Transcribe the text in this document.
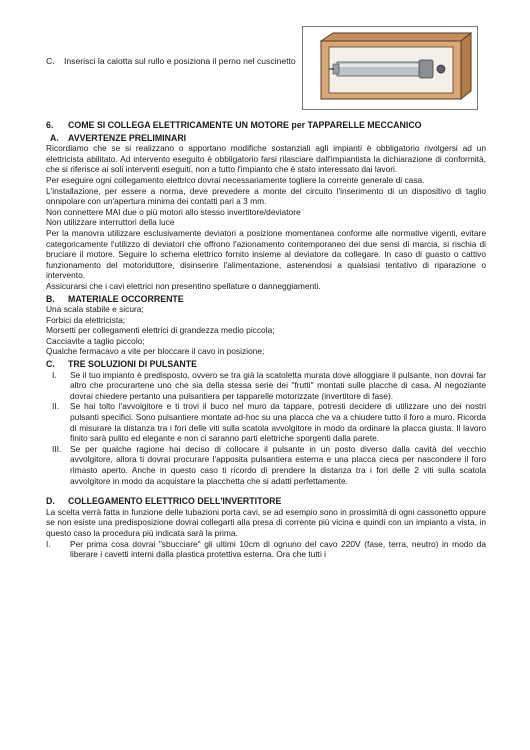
C.	Inserisci la calotta sul rullo e posiziona il perno nel cuscinetto
6.	COME SI COLLEGA ELETTRICAMENTE UN MOTORE per TAPPARELLE MECCANICO
A. AVVERTENZE PRELIMINARI

Ricordiamo che se si realizzano o apportano modifiche sostanziali agli impianti è obbligatorio rivolgersi ad un elettricista abilitato. Ad intervento eseguito è obbligatorio farsi rilasciare dall'impiantista la dichiarazione di conformità, che si riferisce ai soli interventi eseguiti, non a tutto l'impianto che è stato interessato dai lavori.

Per eseguire ogni collegamento elettrico dovrai necessariamente togliere la corrente generale di casa.

L'installazione, per essere a norma, deve prevedere a monte del circuito l'inserimento di un dispositivo di taglio onnipolare con un'apertura minima dei contatti pari a 3 mm.

Non connettere MAI due o più motori allo stesso invertitore/deviatore

Non utilizzare interruttori della luce

Per la manovra utilizzare esclusivamente deviatori a posizione momentanea conforme alle normative vigenti, evitare categoricamente l'utilizzo di deviatori che offrono l'azionamento contemporaneo dei due sensi di marcia, si rischia di bruciare il motore. Seguire lo schema elettrico fornito insieme al deviatore da collegare. In caso di guasto o cattivo funzionamento del motoriduttore, disinserire l'alimentazione, astenendosi a qualsiasi tentativo di riparazione o intervento.

Assicurarsi che i cavi elettrici non presentino spellature o danneggiamenti.

B. MATERIALE OCCORRENTE

Una scala stabile e sicura;

Forbici da elettricista;

Morsetti per collegamenti elettrici di grandezza medio piccola;

Cacciavite a taglio piccolo;

Qualche fermacavo a vite per bloccare il cavo in posizione;

C. TRE SOLUZIONI DI PULSANTE
I.	Se il tuo impianto è predisposto, ovvero se tra già la scatoletta murata dove alloggiare il pulsante, non dovrai far altro che procurartene uno che sia della stessa serie dei "frutti" montati sulle placche di casa. Al negoziante dovrai chiedere pertanto una pulsantiera per tapparelle motorizzate (invertitore di fase).
II.	Se hai tolto l'avvolgitore e ti trovi il buco nel muro da tappare, potresti decidere di utilizzare uno dei nostri pulsanti specifici. Sono pulsantiere montate ad-hoc su una placca che va a chiudere tutto il foro a muro. Ricorda di misurare la distanza tra i fori delle viti sulla scatola avvolgitore in modo da ordinare la placca giusta. Il lavoro finito sarà pulito ed elegante e non ci saranno parti elettriche sporgenti dalla parete.
III.	Se per qualche ragione hai deciso di collocare il pulsante in un posto diverso dalla cavità del vecchio avvolgitore, allora ti dovrai procurare l'apposita pulsantiera esterna e una placca cieca per nascondere il foro rimasto aperto. Anche in questo caso ti ricordo di prendere la distanza tra i fori delle 2 viti sulla scatola avvolgitore in modo da acquistare la placchetta che si adatti perfettamente.
D. COLLEGAMENTO ELETTRICO DELL'INVERTITORE

La scelta verrà fatta in funzione delle tubazioni porta cavi, se ad esempio sono in prossimità di ogni cassonetto oppure se non esiste una predisposizione dovrai collegarti alla presa di corrente più vicina e quindi con un impianto a vista, in questo caso la procedura più indicata sarà la prima.

I.	Per prima cosa dovrai "sbucciare" gli ultimi 10cm di ognuno del cavo 220V (fase, terra, neutro) in modo da liberare i cavetti interni dalla plastica protettiva esterna. Ora che tutti i
